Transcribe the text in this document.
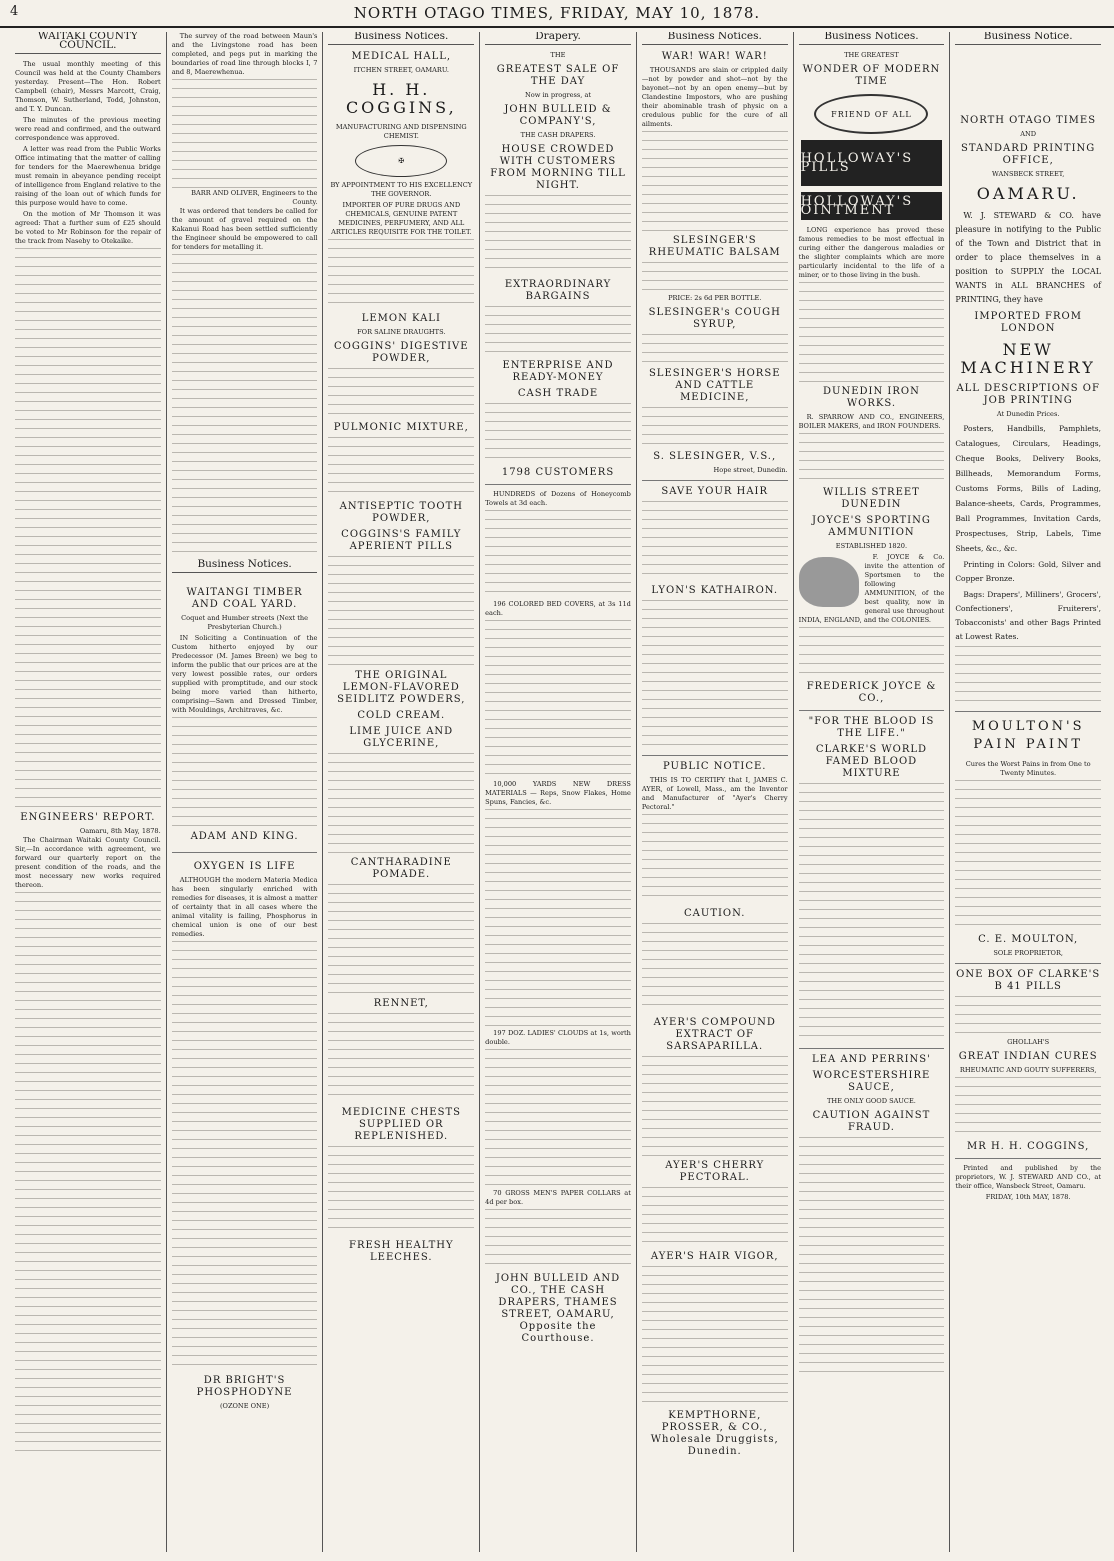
4	NORTH OTAGO TIMES, FRIDAY, MAY 10, 1878.
WAITAKI COUNTY COUNCIL.

The usual monthly meeting of this Council was held at the County Chambers yesterday. Present—The Hon. Robert Campbell (chair), Messrs Marcott, Craig, Thomson, W. Sutherland, Todd, Johnston, and T. Y. Duncan.

The minutes of the previous meeting were read and confirmed, and the outward correspondence was approved.

A letter was read from the Public Works Office intimating that the matter of calling for tenders for the Maerewhenua bridge must remain in abeyance pending receipt of intelligence from England relative to the raising of the loan out of which funds for this purpose would have to come.

On the motion of Mr Thomson it was agreed: That a further sum of £25 should be voted to Mr Robinson for the repair of the track from Naseby to Otekaike.

ENGINEERS' REPORT.
Oamaru, 8th May, 1878.

The Chairman Waitaki County Council. Sir,—In accordance with agreement, we forward our quarterly report on the present condition of the roads, and the most necessary new works required thereon.

The survey of the road between Maun's and the Livingstone road has been completed, and pegs put in marking the boundaries of road line through blocks I, 7 and 8, Maerewhenua.

BARR AND OLIVER, Engineers to the County.

It was ordered that tenders be called for the amount of gravel required on the Kakanui Road has been settled sufficiently the Engineer should be empowered to call for tenders for metalling it.

Business Notices.
WAITANGI TIMBER AND COAL YARD.
Coquet and Humber streets (Next the Presbyterian Church.)

IN Soliciting a Continuation of the Custom hitherto enjoyed by our Predecessor (M. James Breen) we beg to inform the public that our prices are at the very lowest possible rates, our orders supplied with promptitude, and our stock being more varied than hitherto, comprising—Sawn and Dressed Timber, with Mouldings, Architraves, &c.

ADAM AND KING.
OXYGEN IS LIFE

ALTHOUGH the modern Materia Medica has been singularly enriched with remedies for diseases, it is almost a matter of certainty that in all cases where the animal vitality is failing, Phosphorus in chemical union is one of our best remedies.

DR BRIGHT'S PHOSPHODYNE
(OZONE ONE)
Business Notices.
MEDICAL HALL,
ITCHEN STREET, OAMARU.
H. H. COGGINS,
MANUFACTURING AND DISPENSING CHEMIST.
✠
BY APPOINTMENT TO HIS EXCELLENCY THE GOVERNOR.
IMPORTER OF PURE DRUGS AND CHEMICALS, GENUINE PATENT MEDICINES, PERFUMERY, AND ALL ARTICLES REQUISITE FOR THE TOILET.
LEMON KALI
FOR SALINE DRAUGHTS.
COGGINS' DIGESTIVE POWDER,
PULMONIC MIXTURE,
ANTISEPTIC TOOTH POWDER,
COGGINS'S FAMILY APERIENT PILLS
THE ORIGINAL LEMON-FLAVORED SEIDLITZ POWDERS,
COLD CREAM.
LIME JUICE AND GLYCERINE,
CANTHARADINE POMADE.
RENNET,
MEDICINE CHESTS SUPPLIED OR REPLENISHED.
FRESH HEALTHY LEECHES.
Drapery.
THE
GREATEST SALE OF THE DAY
Now in progress, at
JOHN BULLEID & COMPANY'S,
THE CASH DRAPERS.
HOUSE CROWDED WITH CUSTOMERS FROM MORNING TILL NIGHT.
EXTRAORDINARY BARGAINS
ENTERPRISE AND READY-MONEY
CASH TRADE
1798 CUSTOMERS

HUNDREDS of Dozens of Honeycomb Towels at 3d each.

196 COLORED BED COVERS, at 3s 11d each.

10,000 YARDS NEW DRESS MATERIALS — Reps, Snow Flakes, Home Spuns, Fancies, &c.

197 DOZ. LADIES' CLOUDS at 1s, worth double.

70 GROSS MEN'S PAPER COLLARS at 4d per box.

JOHN BULLEID AND CO., THE CASH DRAPERS, THAMES STREET, OAMARU, Opposite the Courthouse.
Business Notices.
WAR! WAR! WAR!

THOUSANDS are slain or crippled daily—not by powder and shot—not by the bayonet—not by an open enemy—but by Clandestine Impostors, who are pushing their abominable trash of physic on a credulous public for the cure of all ailments.

SLESINGER'S RHEUMATIC BALSAM
PRICE: 2s 6d PER BOTTLE.
SLESINGER's COUGH SYRUP,
SLESINGER'S HORSE AND CATTLE MEDICINE,
S. SLESINGER, V.S.,
Hope street, Dunedin.
SAVE YOUR HAIR
LYON'S KATHAIRON.
PUBLIC NOTICE.

THIS IS TO CERTIFY that I, JAMES C. AYER, of Lowell, Mass., am the Inventor and Manufacturer of "Ayer's Cherry Pectoral."

CAUTION.
AYER'S COMPOUND EXTRACT OF SARSAPARILLA.
AYER'S CHERRY PECTORAL.
AYER'S HAIR VIGOR,
KEMPTHORNE, PROSSER, & CO., Wholesale Druggists, Dunedin.
Business Notices.
THE GREATEST
WONDER OF MODERN TIME
FRIEND OF ALL
HOLLOWAY'S PILLS
HOLLOWAY'S OINTMENT

LONG experience has proved these famous remedies to be most effectual in curing either the dangerous maladies or the slighter complaints which are more particularly incidental to the life of a miner, or to those living in the bush.

DUNEDIN IRON WORKS.

R. SPARROW AND CO., ENGINEERS, BOILER MAKERS, and IRON FOUNDERS.

WILLIS STREET DUNEDIN
JOYCE'S SPORTING AMMUNITION
ESTABLISHED 1820.

F. JOYCE & Co. invite the attention of Sportsmen to the following AMMUNITION, of the best quality, now in general use throughout INDIA, ENGLAND, and the COLONIES.

FREDERICK JOYCE & CO.,
"FOR THE BLOOD IS THE LIFE."
CLARKE'S WORLD FAMED BLOOD MIXTURE
LEA AND PERRINS'
WORCESTERSHIRE SAUCE,
THE ONLY GOOD SAUCE.
CAUTION AGAINST FRAUD.
Business Notice.
NORTH OTAGO TIMES
AND
STANDARD PRINTING OFFICE,
WANSBECK STREET,
OAMARU.

W. J. STEWARD & CO. have pleasure in notifying to the Public of the Town and District that in order to place themselves in a position to SUPPLY the LOCAL WANTS in ALL BRANCHES of PRINTING, they have

IMPORTED FROM LONDON
NEW MACHINERY
ALL DESCRIPTIONS OF JOB PRINTING
At Dunedin Prices.

Posters, Handbills, Pamphlets, Catalogues, Circulars, Headings, Cheque Books, Delivery Books, Billheads, Memorandum Forms, Customs Forms, Bills of Lading, Balance-sheets, Cards, Programmes, Ball Programmes, Invitation Cards, Prospectuses, Strip, Labels, Time Sheets, &c., &c.

Printing in Colors: Gold, Silver and Copper Bronze.

Bags: Drapers', Milliners', Grocers', Confectioners', Fruiterers', Tobacconists' and other Bags Printed at Lowest Rates.

MOULTON'S PAIN PAINT
Cures the Worst Pains in from One to Twenty Minutes.
C. E. MOULTON,
SOLE PROPRIETOR,
ONE BOX OF CLARKE'S B 41 PILLS
GHOLLAH'S
GREAT INDIAN CURES
RHEUMATIC AND GOUTY SUFFERERS,
MR H. H. COGGINS,

Printed and published by the proprietors, W. J. STEWARD AND CO., at their office, Wansbeck Street, Oamaru.

FRIDAY, 10th MAY, 1878.
